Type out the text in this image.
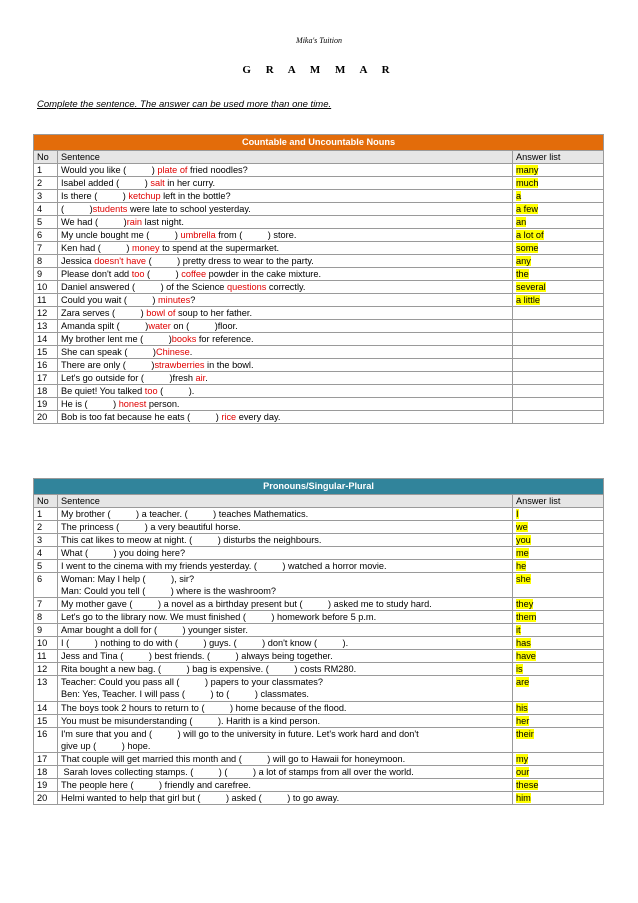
Mika's Tuition
G R A M M A R
Complete the sentence. The answer can be used more than one time.
Countable and Uncountable Nouns		
No	Sentence	Answer list
1	Would you like (          ) plate of fried noodles?	many
2	Isabel added (          ) salt in her curry.	much
3	Is there (          ) ketchup left in the bottle?	a
4	(          )students were late to school yesterday.	a few
5	We had (          )rain last night.	an
6	My uncle bought me (          ) umbrella from (          ) store.	a lot of
7	Ken had (          ) money to spend at the supermarket.	some
8	Jessica doesn't have (          ) pretty dress to wear to the party.	any
9	Please don't add too (          ) coffee powder in the cake mixture.	the
10	Daniel answered (          ) of the Science questions correctly.	several
11	Could you wait (          ) minutes?	a little
12	Zara serves (          ) bowl of soup to her father.	
13	Amanda spilt (          )water on (          )floor.	
14	My brother lent me (          )books for reference.	
15	She can speak (          )Chinese.	
16	There are only (          )strawberries in the bowl.	
17	Let's go outside for (          )fresh air.	
18	Be quiet! You talked too (          ).	
19	He is (          ) honest person.	
20	Bob is too fat because he eats (          ) rice every day.	
Pronouns/Singular-Plural		
No	Sentence	Answer list
1	My brother (          ) a teacher. (          ) teaches Mathematics.	I
2	The princess (          ) a very beautiful horse.	we
3	This cat likes to meow at night. (          ) disturbs the neighbours.	you
4	What (          ) you doing here?	me
5	I went to the cinema with my friends yesterday. (          ) watched a horror movie.	he
6	Woman: May I help (          ), sir?
Man: Could you tell (          ) where is the washroom?	she
7	My mother gave (          ) a novel as a birthday present but (          ) asked me to study hard.	they
8	Let's go to the library now. We must finished (          ) homework before 5 p.m.	them
9	Amar bought a doll for (          ) younger sister.	it
10	I (          ) nothing to do with (          ) guys. (          ) don't know (          ).	has
11	Jess and Tina (          ) best friends. (          ) always being together.	have
12	Rita bought a new bag. (          ) bag is expensive. (          ) costs RM280.	is
13	Teacher: Could you pass all (          ) papers to your classmates?
Ben: Yes, Teacher. I will pass (          ) to (          ) classmates.	are
14	The boys took 2 hours to return to (          ) home because of the flood.	his
15	You must be misunderstanding (          ). Harith is a kind person.	her
16	I'm sure that you and (          ) will go to the university in future. Let's work hard and don't
give up (          ) hope.	their
17	That couple will get married this month and (          ) will go to Hawaii for honeymoon.	my
18	Sarah loves collecting stamps. (          ) (          ) a lot of stamps from all over the world.	our
19	The people here (          ) friendly and carefree.	these
20	Helmi wanted to help that girl but (          ) asked (          ) to go away.	him
